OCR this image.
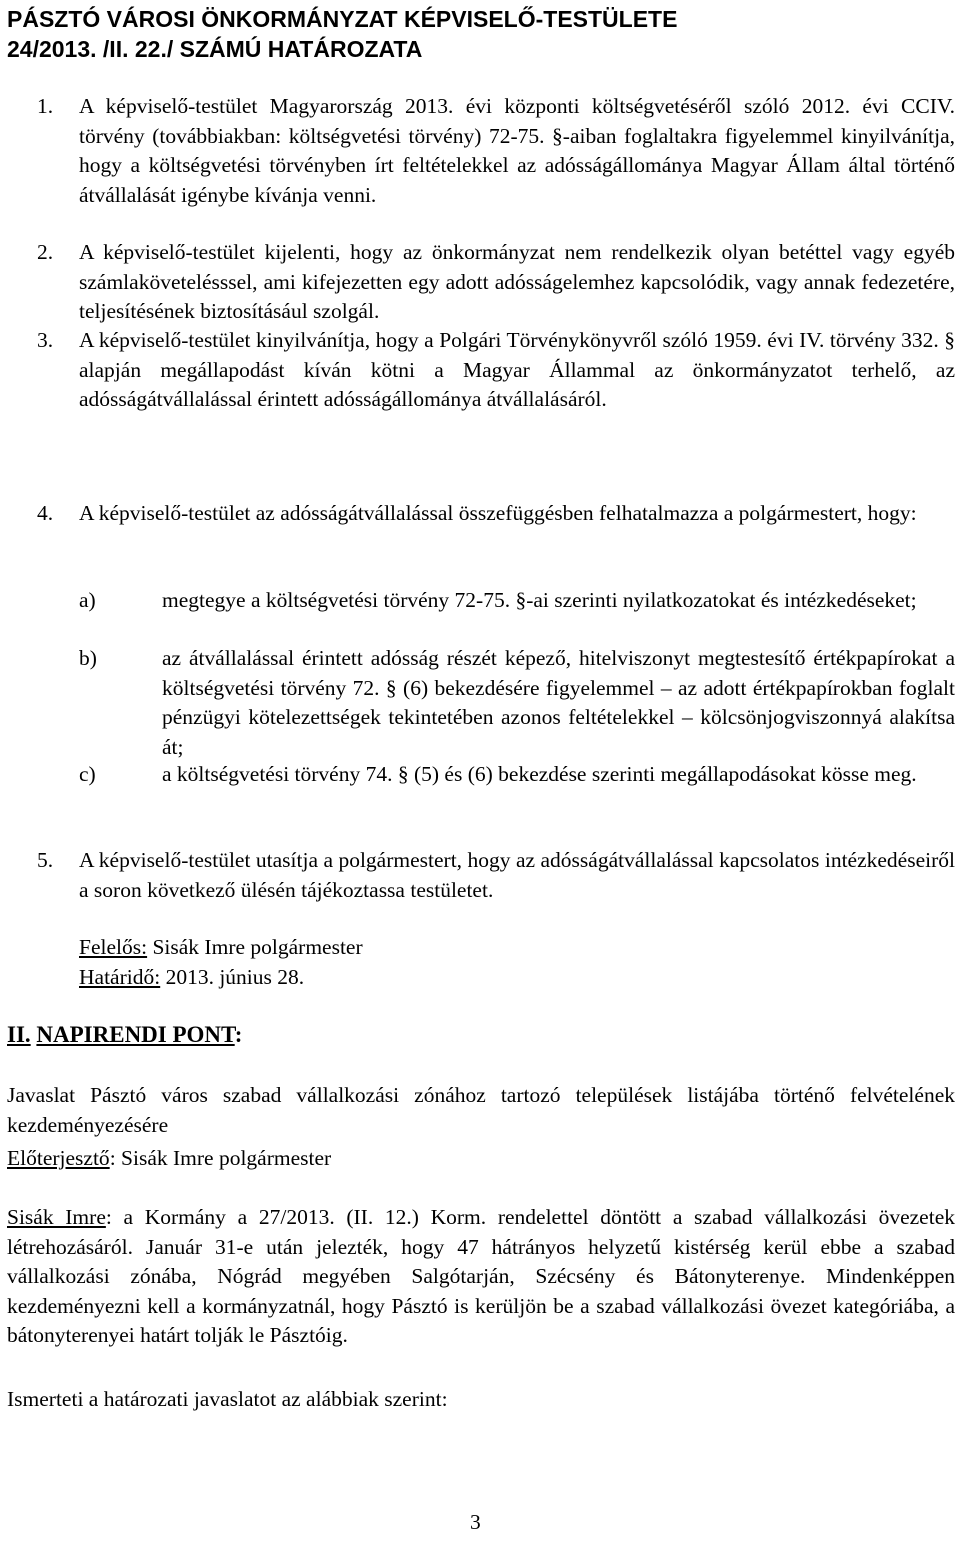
PÁSZTÓ VÁROSI ÖNKORMÁNYZAT KÉPVISELŐ-TESTÜLETE
24/2013. /II. 22./ SZÁMÚ HATÁROZATA
1. A képviselő-testület Magyarország 2013. évi központi költségvetéséről szóló 2012. évi CCIV. törvény (továbbiakban: költségvetési törvény) 72-75. §-aiban foglaltakra figyelemmel kinyilvánítja, hogy a költségvetési törvényben írt feltételekkel az adósságállománya Magyar Állam által történő átvállalását igénybe kívánja venni.

2. A képviselő-testület kijelenti, hogy az önkormányzat nem rendelkezik olyan betéttel vagy egyéb számlakövetelésssel, ami kifejezetten egy adott adósságelemhez kapcsolódik, vagy annak fedezetére, teljesítésének biztosításául szolgál.

3. A képviselő-testület kinyilvánítja, hogy a Polgári Törvénykönyvről szóló 1959. évi IV. törvény 332. § alapján megállapodást kíván kötni a Magyar Állammal az önkormányzatot terhelő, az adósságátvállalással érintett adósságállománya átvállalásáról.

4. A képviselő-testület az adósságátvállalással összefüggésben felhatalmazza a polgármestert, hogy:

a)	megtegye a költségvetési törvény 72-75. §-ai szerinti nyilatkozatokat és intézkedéseket;

b)	az átvállalással érintett adósság részét képező, hitelviszonyt megtestesítő értékpapírokat a költségvetési törvény 72. § (6) bekezdésére figyelemmel – az adott értékpapírokban foglalt pénzügyi kötelezettségek tekintetében azonos feltételekkel – kölcsönjogviszonnyá alakítsa át;

c)	a költségvetési törvény 74. § (5) és (6) bekezdése szerinti megállapodásokat kösse meg.

5. A képviselő-testület utasítja a polgármestert, hogy az adósságátvállalással kapcsolatos intézkedéseiről a soron következő ülésén tájékoztassa testületet.

Felelős: Sisák Imre polgármester
Határidő: 2013. június 28.
II. NAPIRENDI PONT:
Javaslat Pásztó város szabad vállalkozási zónához tartozó települések listájába történő felvételének kezdeményezésére
Előterjesztő: Sisák Imre polgármester
Sisák Imre: a Kormány a 27/2013. (II. 12.) Korm. rendelettel döntött a szabad vállalkozási övezetek létrehozásáról. Január 31-e után jelezték, hogy 47 hátrányos helyzetű kistérség kerül ebbe a szabad vállalkozási zónába, Nógrád megyében Salgótarján, Szécsény és Bátonyterenye. Mindenképpen kezdeményezni kell a kormányzatnál, hogy Pásztó is kerüljön be a szabad vállalkozási övezet kategóriába, a bátonyterenyei határt tolják le Pásztóig.
Ismerteti a határozati javaslatot az alábbiak szerint:
3
